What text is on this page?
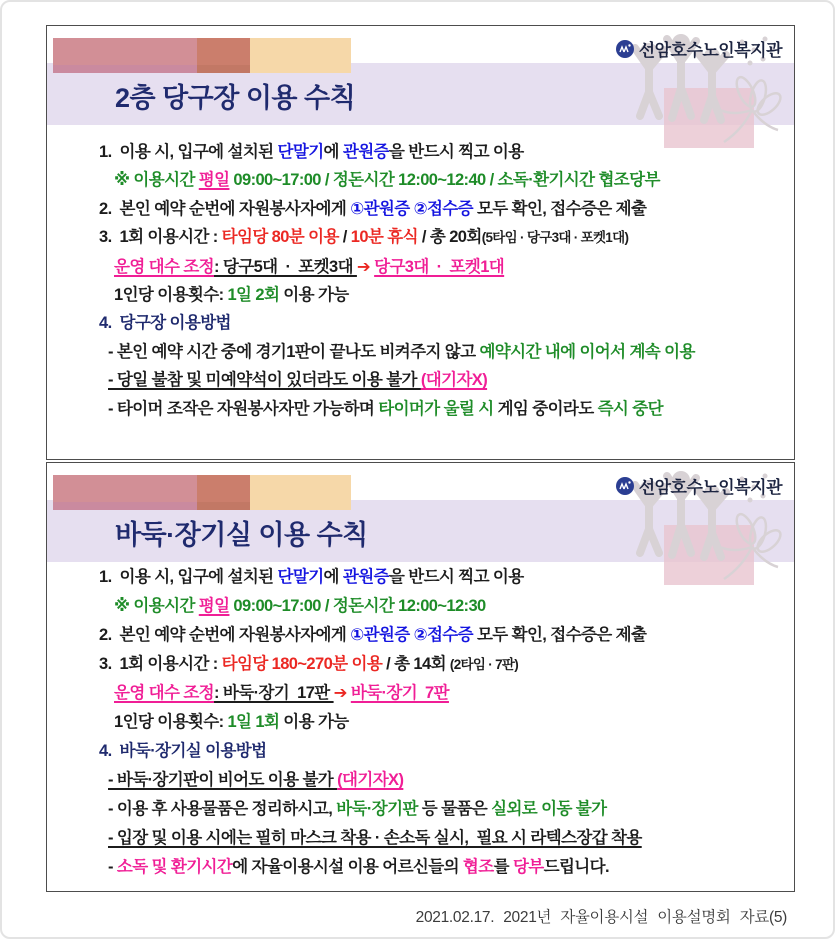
선암호수노인복지관
2층 당구장 이용 수칙
1.  이용 시, 입구에 설치된 단말기에 관원증을 반드시 찍고 이용
※ 이용시간 평일 09:00~17:00 / 정돈시간 12:00~12:40 / 소독·환기시간 협조당부
2.  본인 예약 순번에 자원봉사자에게 ①관원증 ②접수증 모두 확인, 접수증은 제출
3.  1회 이용시간 : 타임당 80분 이용 / 10분 휴식 / 총 20회(5타임 · 당구3대 · 포켓1대)
운영 대수 조정: 당구5대  ·  포켓3대 ➔ 당구3대  ·  포켓1대
1인당 이용횟수: 1일 2회 이용 가능
4.  당구장 이용방법
- 본인 예약 시간 중에 경기1판이 끝나도 비켜주지 않고 예약시간 내에 이어서 계속 이용
- 당일 불참 및 미예약석이 있더라도 이용 불가 (대기자X)
- 타이머 조작은 자원봉사자만 가능하며 타이머가 울릴 시 게임 중이라도 즉시 중단
선암호수노인복지관
바둑·장기실 이용 수칙
1.  이용 시, 입구에 설치된 단말기에 관원증을 반드시 찍고 이용
※ 이용시간 평일 09:00~17:00 / 정돈시간 12:00~12:30
2.  본인 예약 순번에 자원봉사자에게 ①관원증 ②접수증 모두 확인, 접수증은 제출
3.  1회 이용시간 : 타임당 180~270분 이용 / 총 14회 (2타임 · 7판)
운영 대수 조정: 바둑·장기  17판 ➔ 바둑·장기  7판
1인당 이용횟수: 1일 1회 이용 가능
4.  바둑·장기실 이용방법
- 바둑·장기판이 비어도 이용 불가 (대기자X)
- 이용 후 사용물품은 정리하시고, 바둑·장기판 등 물품은 실외로 이동 불가
- 입장 및 이용 시에는 필히 마스크 착용 · 손소독 실시,  필요 시 라텍스장갑 착용
- 소독 및 환기시간에 자율이용시설 이용 어르신들의 협조를 당부드립니다.
2021.02.17. 2021년 자율이용시설 이용설명회 자료(5)
